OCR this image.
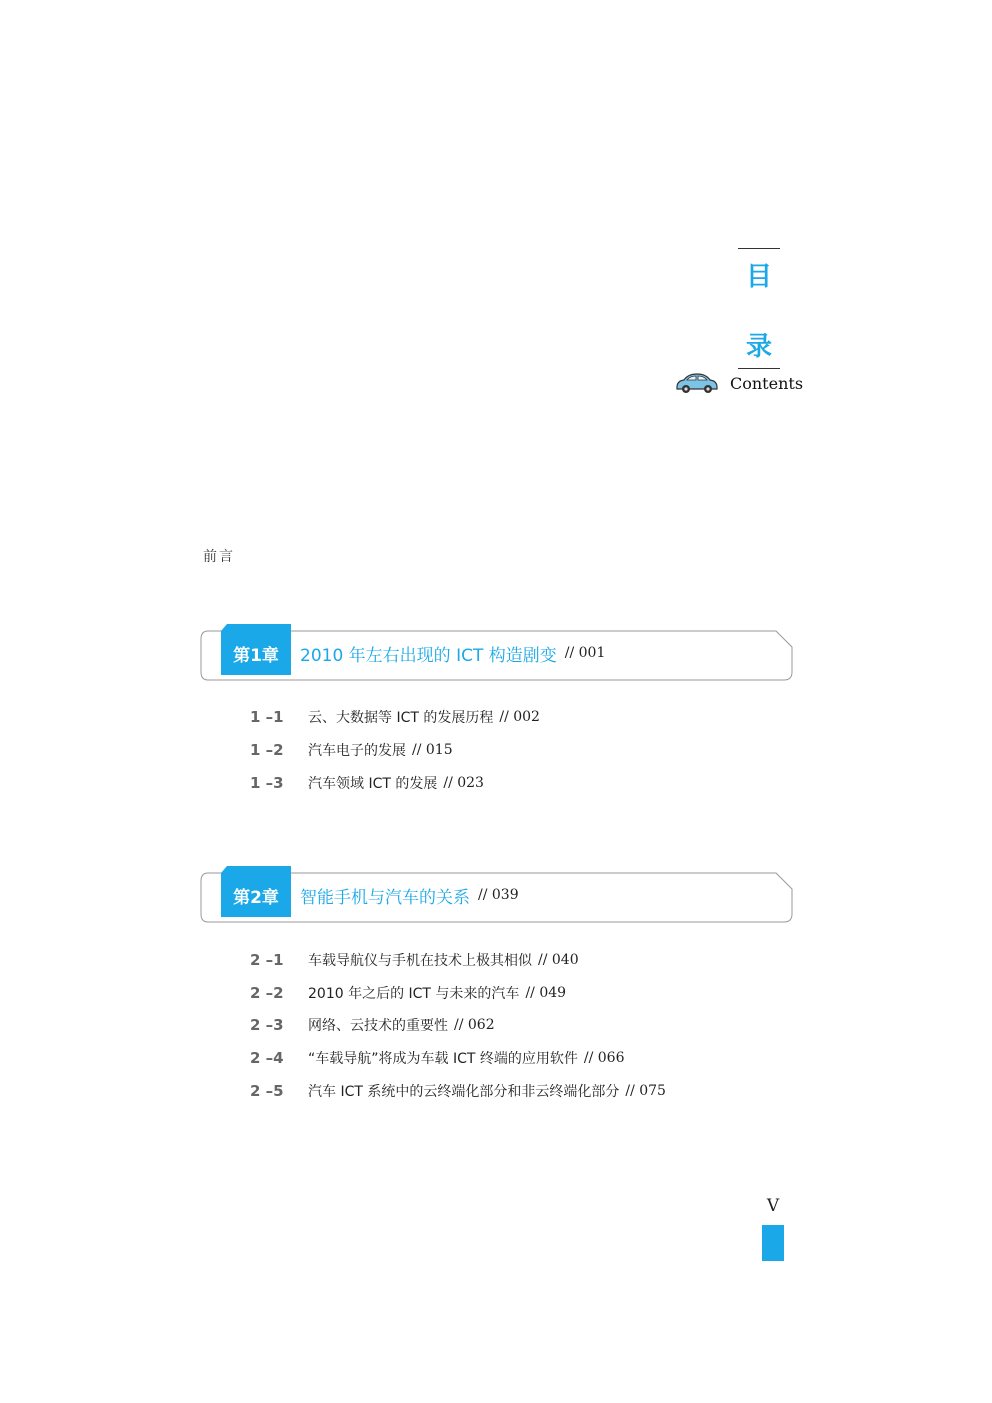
目
录
Contents
前言
第1章	2010 年左右出现的 ICT 构造剧变 // 001
1 –1	云、大数据等 ICT 的发展历程 // 002
1 –2	汽车电子的发展 // 015
1 –3	汽车领域 ICT 的发展 // 023
第2章	智能手机与汽车的关系 // 039
2 –1	车载导航仪与手机在技术上极其相似 // 040
2 –2	2010 年之后的 ICT 与未来的汽车 // 049
2 –3	网络、云技术的重要性 // 062
2 –4	“车载导航”将成为车载 ICT 终端的应用软件 // 066
2 –5	汽车 ICT 系统中的云终端化部分和非云终端化部分 // 075
V
